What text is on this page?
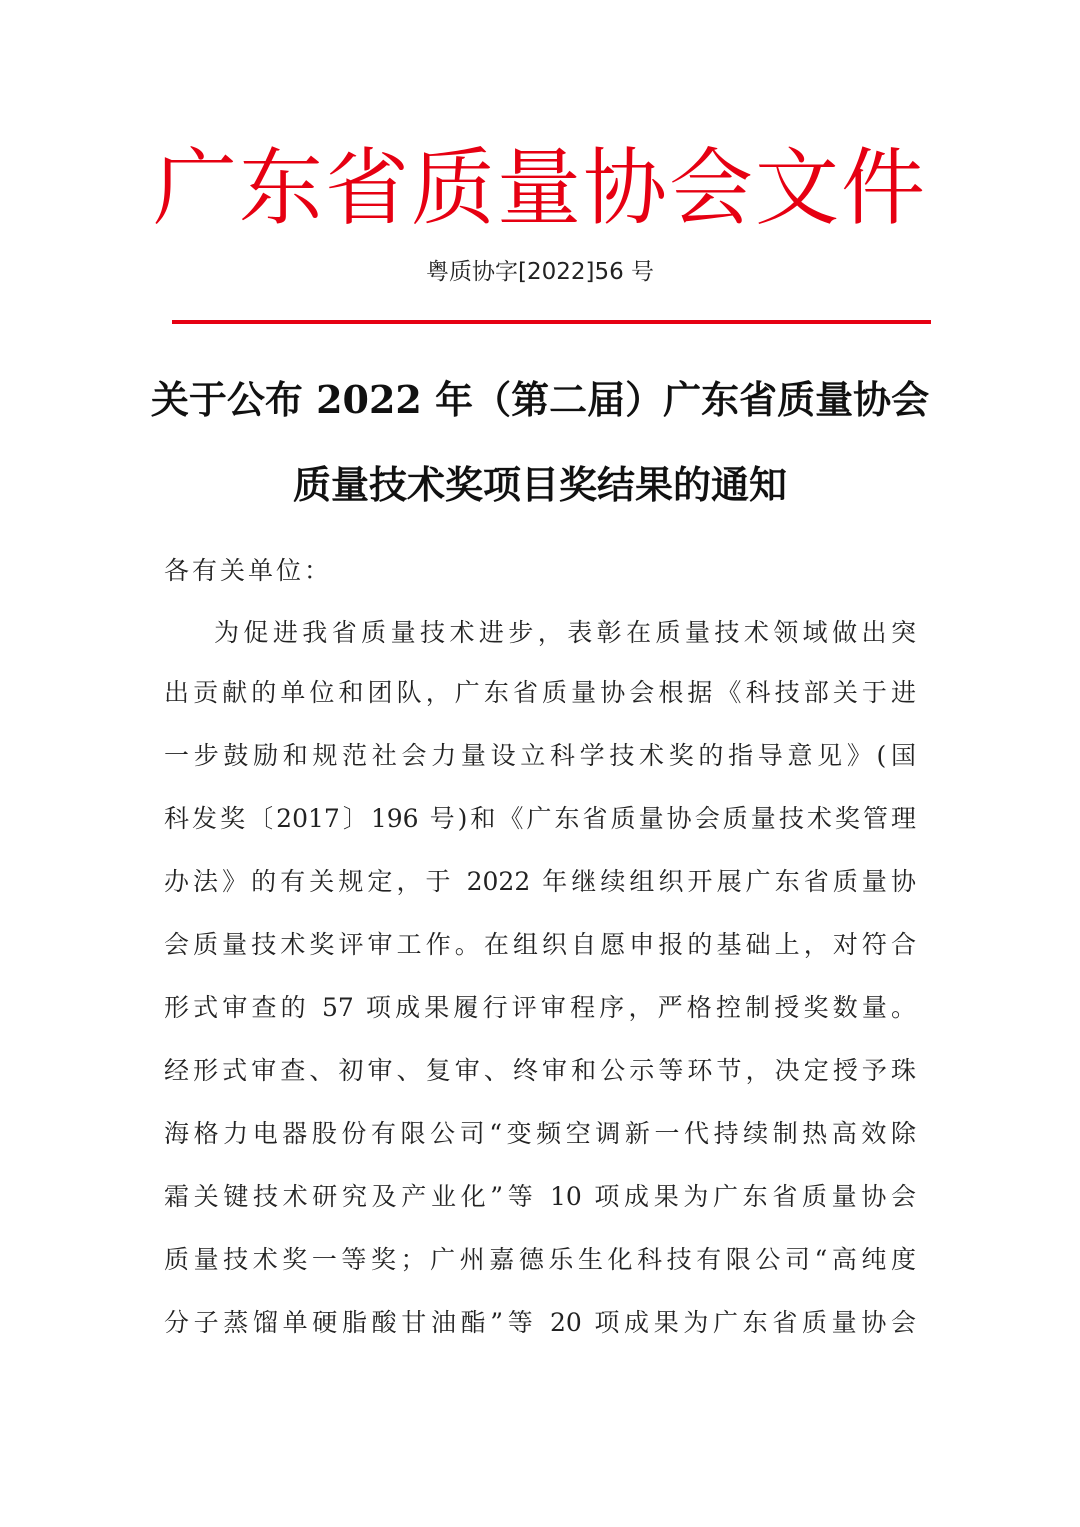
广东省质量协会文件
粤质协字[2022]56 号
关于公布 2022 年（第二届）广东省质量协会
质量技术奖项目奖结果的通知
各有关单位：
为促进我省质量技术进步，表彰在质量技术领域做出突
出贡献的单位和团队，广东省质量协会根据《科技部关于进
一步鼓励和规范社会力量设立科学技术奖的指导意见》(国
科发奖〔2017〕196 号)和《广东省质量协会质量技术奖管理
办法》的有关规定，于 2022 年继续组织开展广东省质量协
会质量技术奖评审工作。在组织自愿申报的基础上，对符合
形式审查的 57 项成果履行评审程序，严格控制授奖数量。
经形式审查、初审、复审、终审和公示等环节，决定授予珠
海格力电器股份有限公司“变频空调新一代持续制热高效除
霜关键技术研究及产业化”等 10 项成果为广东省质量协会
质量技术奖一等奖；广州嘉德乐生化科技有限公司“高纯度
分子蒸馏单硬脂酸甘油酯”等 20 项成果为广东省质量协会
